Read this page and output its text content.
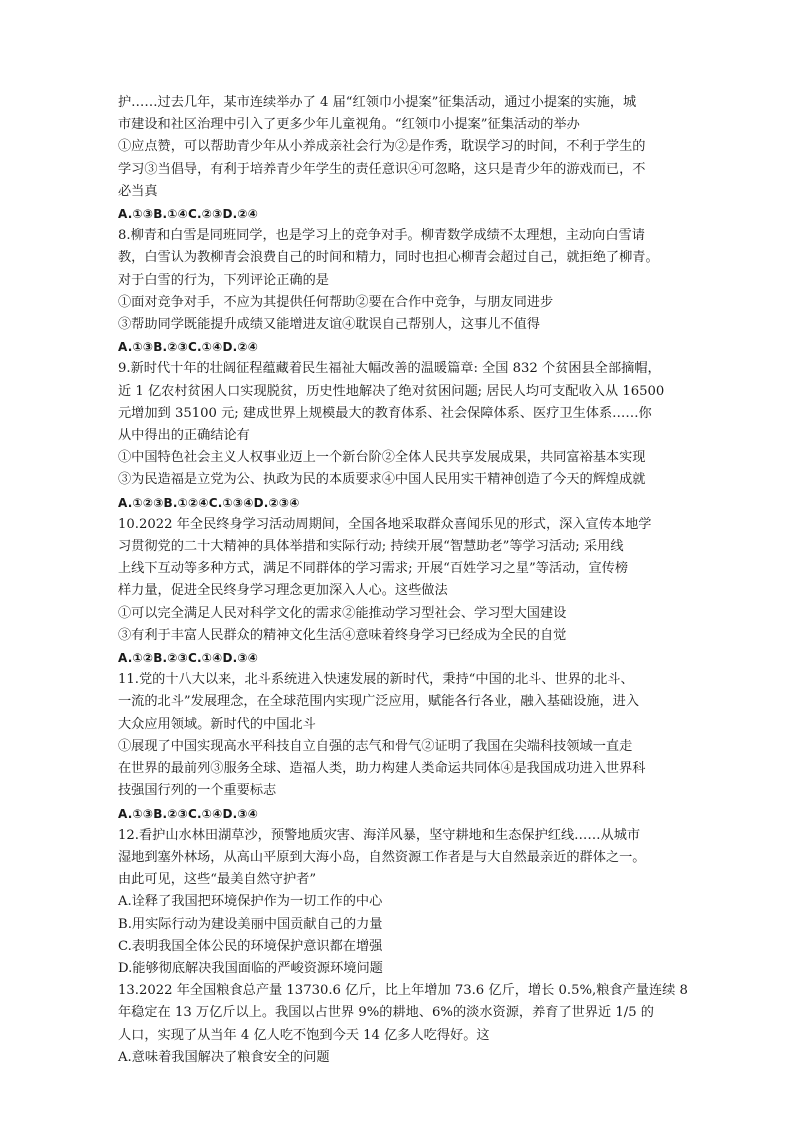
护……过去几年，某市连续举办了 4 届“红领巾小提案”征集活动，通过小提案的实施，城
市建设和社区治理中引入了更多少年儿童视角。“红领巾小提案”征集活动的举办
①应点赞，可以帮助青少年从小养成亲社会行为②是作秀，耽误学习的时间，不利于学生的
学习③当倡导，有利于培养青少年学生的责任意识④可忽略，这只是青少年的游戏而已，不
必当真
A.①③B.①④C.②③D.②④
8.柳青和白雪是同班同学，也是学习上的竞争对手。柳青数学成绩不太理想，主动向白雪请
教，白雪认为教柳青会浪费自己的时间和精力，同时也担心柳青会超过自己，就拒绝了柳青。
对于白雪的行为，下列评论正确的是
①面对竞争对手，不应为其提供任何帮助②要在合作中竞争，与朋友同进步
③帮助同学既能提升成绩又能增进友谊④耽误自己帮别人，这事儿不值得
A.①③B.②③C.①④D.②④
9.新时代十年的壮阔征程蕴藏着民生福祉大幅改善的温暖篇章: 全国 832 个贫困县全部摘帽，
近 1 亿农村贫困人口实现脱贫，历史性地解决了绝对贫困问题; 居民人均可支配收入从 16500
元增加到 35100 元; 建成世界上规模最大的教育体系、社会保障体系、医疗卫生体系……你
从中得出的正确结论有
①中国特色社会主义人权事业迈上一个新台阶②全体人民共享发展成果，共同富裕基本实现
③为民造福是立党为公、执政为民的本质要求④中国人民用实干精神创造了今天的辉煌成就
A.①②③B.①②④C.①③④D.②③④
10.2022 年全民终身学习活动周期间，全国各地采取群众喜闻乐见的形式，深入宣传本地学
习贯彻党的二十大精神的具体举措和实际行动; 持续开展“智慧助老”等学习活动; 采用线
上线下互动等多种方式，满足不同群体的学习需求; 开展“百姓学习之星”等活动，宣传榜
样力量，促进全民终身学习理念更加深入人心。这些做法
①可以完全满足人民对科学文化的需求②能推动学习型社会、学习型大国建设
③有利于丰富人民群众的精神文化生活④意味着终身学习已经成为全民的自觉
A.①②B.②③C.①④D.③④
11.党的十八大以来，北斗系统进入快速发展的新时代，秉持“中国的北斗、世界的北斗、
一流的北斗”发展理念，在全球范围内实现广泛应用，赋能各行各业，融入基础设施，进入
大众应用领域。新时代的中国北斗
①展现了中国实现高水平科技自立自强的志气和骨气②证明了我国在尖端科技领域一直走
在世界的最前列③服务全球、造福人类，助力构建人类命运共同体④是我国成功进入世界科
技强国行列的一个重要标志
A.①③B.②③C.①④D.③④
12.看护山水林田湖草沙，预警地质灾害、海洋风暴，坚守耕地和生态保护红线……从城市
湿地到塞外林场，从高山平原到大海小岛，自然资源工作者是与大自然最亲近的群体之一。
由此可见，这些“最美自然守护者”
A.诠释了我国把环境保护作为一切工作的中心
B.用实际行动为建设美丽中国贡献自己的力量
C.表明我国全体公民的环境保护意识都在增强
D.能够彻底解决我国面临的严峻资源环境问题
13.2022 年全国粮食总产量 13730.6 亿斤，比上年增加 73.6 亿斤，增长 0.5%,粮食产量连续 8
年稳定在 13 万亿斤以上。我国以占世界 9%的耕地、6%的淡水资源，养育了世界近 1/5 的
人口，实现了从当年 4 亿人吃不饱到今天 14 亿多人吃得好。这
A.意味着我国解决了粮食安全的问题
